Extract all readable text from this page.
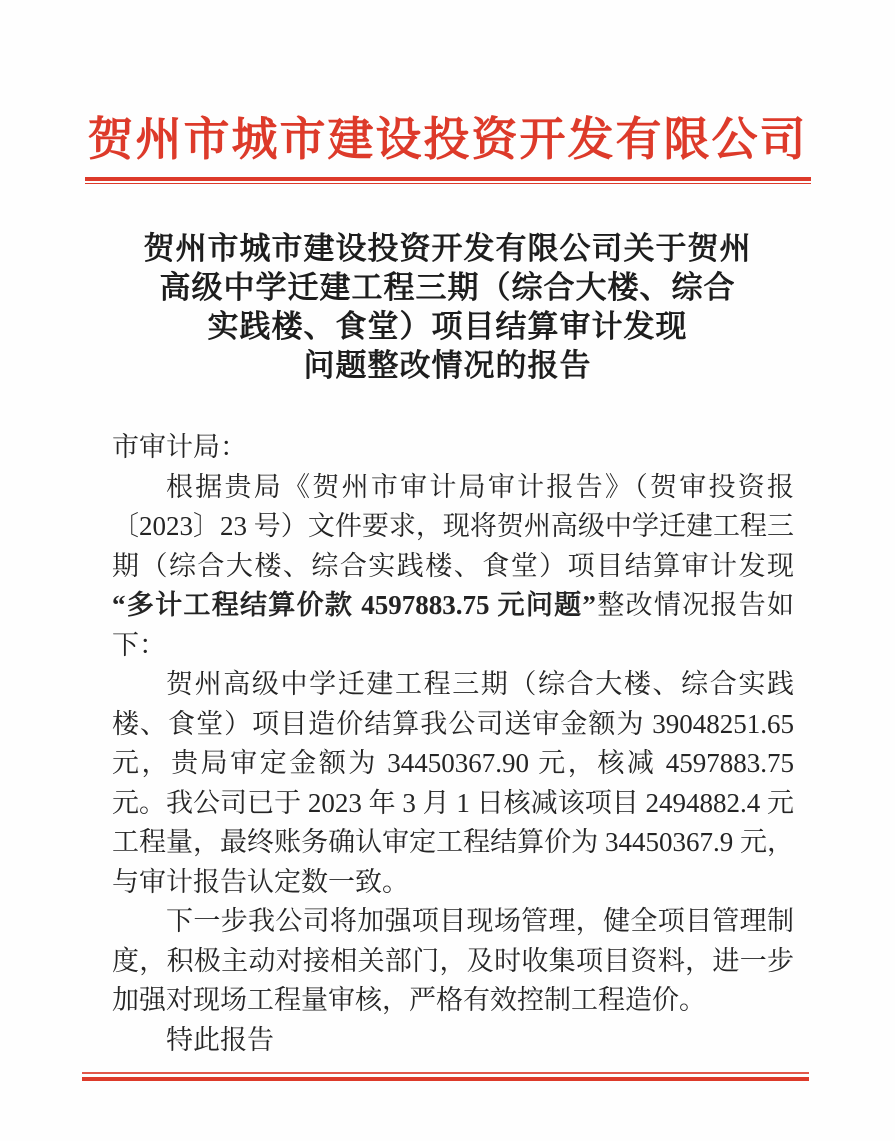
贺州市城市建设投资开发有限公司
贺州市城市建设投资开发有限公司关于贺州
高级中学迁建工程三期（综合大楼、综合
实践楼、食堂）项目结算审计发现
问题整改情况的报告

市审计局：

根据贵局《贺州市审计局审计报告》（贺审投资报〔2023〕23 号）文件要求，现将贺州高级中学迁建工程三期（综合大楼、综合实践楼、食堂）项目结算审计发现“多计工程结算价款 4597883.75 元问题”整改情况报告如下：

贺州高级中学迁建工程三期（综合大楼、综合实践楼、食堂）项目造价结算我公司送审金额为 39048251.65 元，贵局审定金额为 34450367.90 元，核减 4597883.75 元。我公司已于 2023 年 3 月 1 日核减该项目 2494882.4 元工程量，最终账务确认审定工程结算价为 34450367.9 元，与审计报告认定数一致。

下一步我公司将加强项目现场管理，健全项目管理制度，积极主动对接相关部门，及时收集项目资料，进一步加强对现场工程量审核，严格有效控制工程造价。

特此报告
